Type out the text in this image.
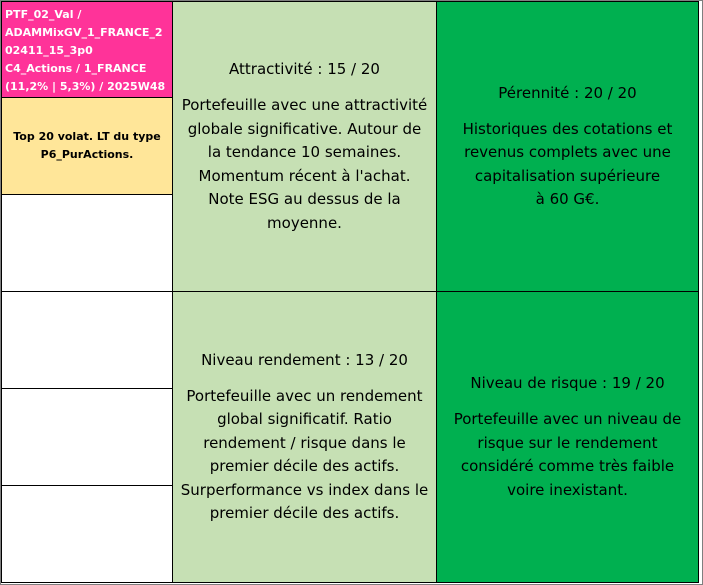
PTF_02_Val /
ADAMMixGV_1_FRANCE_2
02411_15_3p0
C4_Actions / 1_FRANCE
(11,2% | 5,3%) / 2025W48
Top 20 volat. LT du type
P6_PurActions.

Attractivité : 15 / 20

Portefeuille avec une attractivité
globale significative. Autour de
la tendance 10 semaines.
Momentum récent à l'achat.
Note ESG au dessus de la
moyenne.

Pérennité : 20 / 20

Historiques des cotations et
revenus complets avec une
capitalisation supérieure
à 60 G€.

Niveau rendement : 13 / 20

Portefeuille avec un rendement
global significatif. Ratio
rendement / risque dans le
premier décile des actifs.
Surperformance vs index dans le
premier décile des actifs.

Niveau de risque : 19 / 20

Portefeuille avec un niveau de
risque sur le rendement
considéré comme très faible
voire inexistant.
